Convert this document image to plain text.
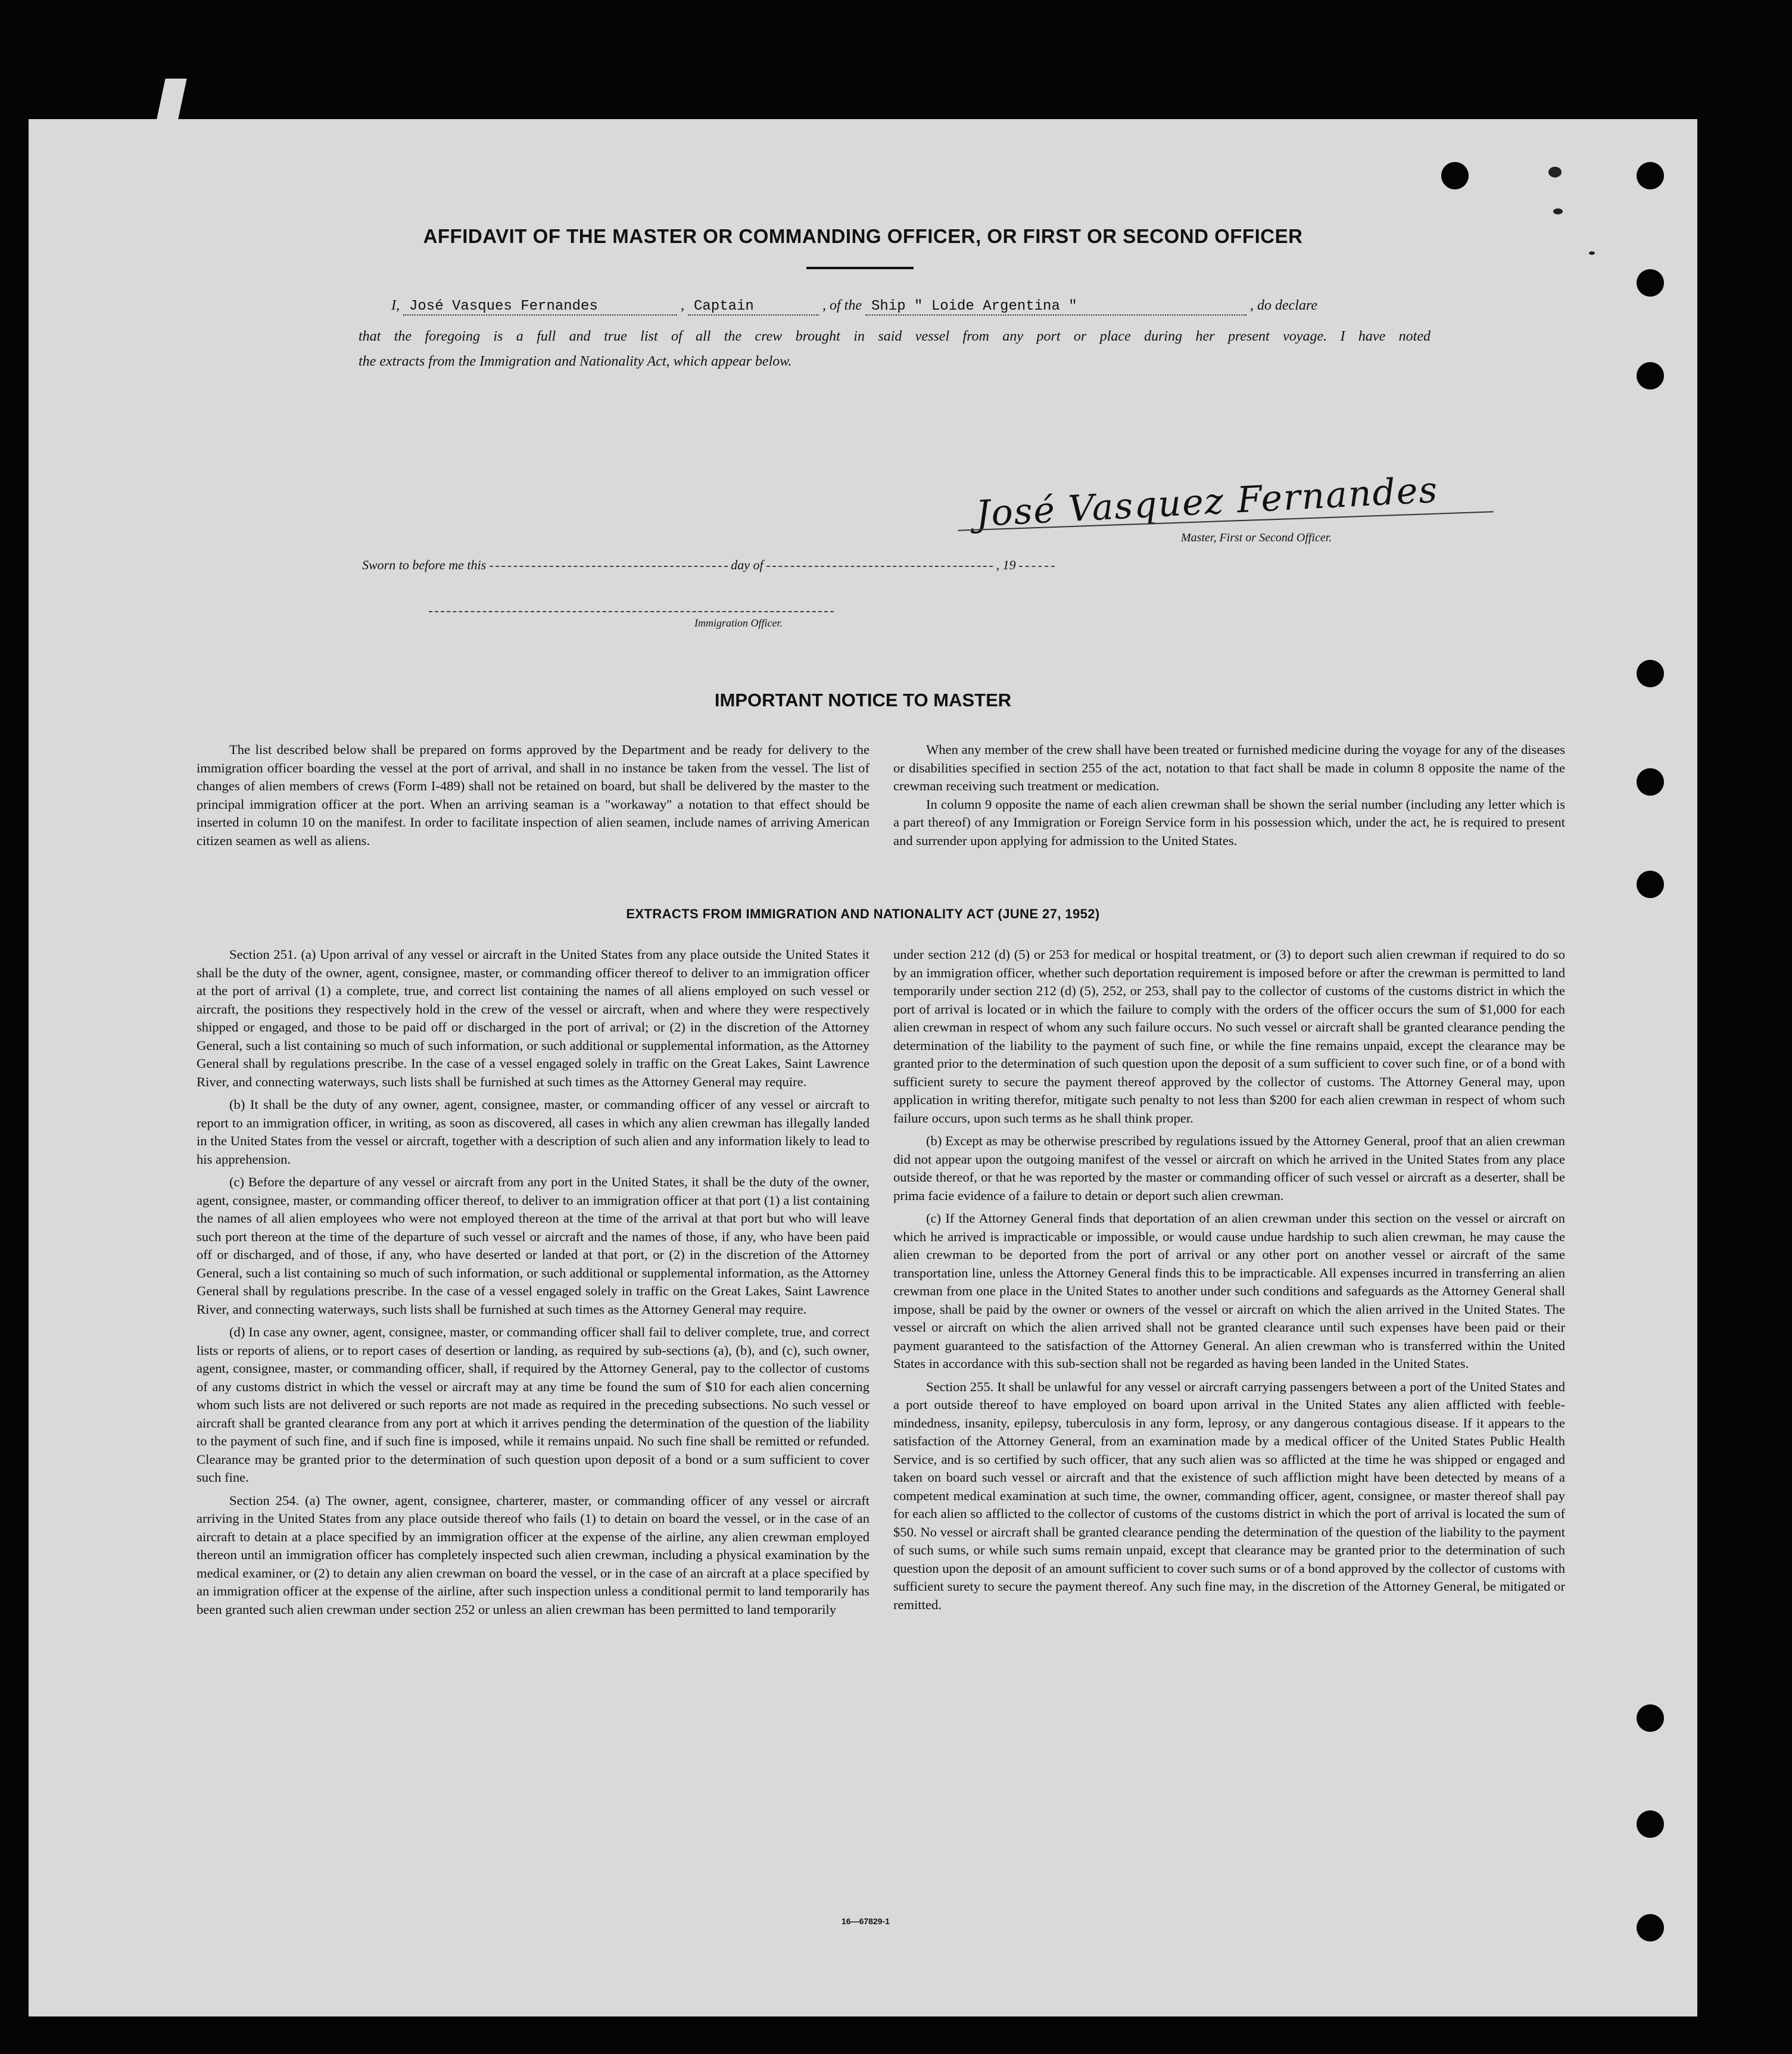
AFFIDAVIT OF THE MASTER OR COMMANDING OFFICER, OR FIRST OR SECOND OFFICER
I, José Vasques Fernandes	, Captain	, of the Ship " Loide Argentina "	, do declare
that the foregoing is a full and true list of all the crew brought in said vessel from any port or place during her present voyage. I have noted
the extracts from the Immigration and Nationality Act, which appear below.
José Vasquez Fernandes
Master, First or Second Officer.
Sworn to before me this	day of	, 19
Immigration Officer.
IMPORTANT NOTICE TO MASTER

The list described below shall be prepared on forms approved by the Department and be ready for delivery to the immigration officer boarding the vessel at the port of arrival, and shall in no instance be taken from the vessel. The list of changes of alien members of crews (Form I-489) shall not be retained on board, but shall be delivered by the master to the principal immigration officer at the port. When an arriving seaman is a "workaway" a notation to that effect should be inserted in column 10 on the manifest. In order to facilitate inspection of alien seamen, include names of arriving American citizen seamen as well as aliens.

When any member of the crew shall have been treated or furnished medicine during the voyage for any of the diseases or disabilities specified in section 255 of the act, notation to that fact shall be made in column 8 opposite the name of the crewman receiving such treatment or medication.

In column 9 opposite the name of each alien crewman shall be shown the serial number (including any letter which is a part thereof) of any Immigration or Foreign Service form in his possession which, under the act, he is required to present and surrender upon applying for admission to the United States.

EXTRACTS FROM IMMIGRATION AND NATIONALITY ACT (JUNE 27, 1952)

Section 251. (a) Upon arrival of any vessel or aircraft in the United States from any place outside the United States it shall be the duty of the owner, agent, consignee, master, or commanding officer thereof to deliver to an immigration officer at the port of arrival (1) a complete, true, and correct list containing the names of all aliens employed on such vessel or aircraft, the positions they respectively hold in the crew of the vessel or aircraft, when and where they were respectively shipped or engaged, and those to be paid off or discharged in the port of arrival; or (2) in the discretion of the Attorney General, such a list containing so much of such information, or such additional or supplemental information, as the Attorney General shall by regulations prescribe. In the case of a vessel engaged solely in traffic on the Great Lakes, Saint Lawrence River, and connecting waterways, such lists shall be furnished at such times as the Attorney General may require.

(b) It shall be the duty of any owner, agent, consignee, master, or commanding officer of any vessel or aircraft to report to an immigration officer, in writing, as soon as discovered, all cases in which any alien crewman has illegally landed in the United States from the vessel or aircraft, together with a description of such alien and any information likely to lead to his apprehension.

(c) Before the departure of any vessel or aircraft from any port in the United States, it shall be the duty of the owner, agent, consignee, master, or commanding officer thereof, to deliver to an immigration officer at that port (1) a list containing the names of all alien employees who were not employed thereon at the time of the arrival at that port but who will leave such port thereon at the time of the departure of such vessel or aircraft and the names of those, if any, who have been paid off or discharged, and of those, if any, who have deserted or landed at that port, or (2) in the discretion of the Attorney General, such a list containing so much of such information, or such additional or supplemental information, as the Attorney General shall by regulations prescribe. In the case of a vessel engaged solely in traffic on the Great Lakes, Saint Lawrence River, and connecting waterways, such lists shall be furnished at such times as the Attorney General may require.

(d) In case any owner, agent, consignee, master, or commanding officer shall fail to deliver complete, true, and correct lists or reports of aliens, or to report cases of desertion or landing, as required by sub-sections (a), (b), and (c), such owner, agent, consignee, master, or commanding officer, shall, if required by the Attorney General, pay to the collector of customs of any customs district in which the vessel or aircraft may at any time be found the sum of $10 for each alien concerning whom such lists are not delivered or such reports are not made as required in the preceding subsections. No such vessel or aircraft shall be granted clearance from any port at which it arrives pending the determination of the question of the liability to the payment of such fine, and if such fine is imposed, while it remains unpaid. No such fine shall be remitted or refunded. Clearance may be granted prior to the determination of such question upon deposit of a bond or a sum sufficient to cover such fine.

Section 254. (a) The owner, agent, consignee, charterer, master, or commanding officer of any vessel or aircraft arriving in the United States from any place outside thereof who fails (1) to detain on board the vessel, or in the case of an aircraft to detain at a place specified by an immigration officer at the expense of the airline, any alien crewman employed thereon until an immigration officer has completely inspected such alien crewman, including a physical examination by the medical examiner, or (2) to detain any alien crewman on board the vessel, or in the case of an aircraft at a place specified by an immigration officer at the expense of the airline, after such inspection unless a conditional permit to land temporarily has been granted such alien crewman under section 252 or unless an alien crewman has been permitted to land temporarily

under section 212 (d) (5) or 253 for medical or hospital treatment, or (3) to deport such alien crewman if required to do so by an immigration officer, whether such deportation requirement is imposed before or after the crewman is permitted to land temporarily under section 212 (d) (5), 252, or 253, shall pay to the collector of customs of the customs district in which the port of arrival is located or in which the failure to comply with the orders of the officer occurs the sum of $1,000 for each alien crewman in respect of whom any such failure occurs. No such vessel or aircraft shall be granted clearance pending the determination of the liability to the payment of such fine, or while the fine remains unpaid, except the clearance may be granted prior to the determination of such question upon the deposit of a sum sufficient to cover such fine, or of a bond with sufficient surety to secure the payment thereof approved by the collector of customs. The Attorney General may, upon application in writing therefor, mitigate such penalty to not less than $200 for each alien crewman in respect of whom such failure occurs, upon such terms as he shall think proper.

(b) Except as may be otherwise prescribed by regulations issued by the Attorney General, proof that an alien crewman did not appear upon the outgoing manifest of the vessel or aircraft on which he arrived in the United States from any place outside thereof, or that he was reported by the master or commanding officer of such vessel or aircraft as a deserter, shall be prima facie evidence of a failure to detain or deport such alien crewman.

(c) If the Attorney General finds that deportation of an alien crewman under this section on the vessel or aircraft on which he arrived is impracticable or impossible, or would cause undue hardship to such alien crewman, he may cause the alien crewman to be deported from the port of arrival or any other port on another vessel or aircraft of the same transportation line, unless the Attorney General finds this to be impracticable. All expenses incurred in transferring an alien crewman from one place in the United States to another under such conditions and safeguards as the Attorney General shall impose, shall be paid by the owner or owners of the vessel or aircraft on which the alien arrived in the United States. The vessel or aircraft on which the alien arrived shall not be granted clearance until such expenses have been paid or their payment guaranteed to the satisfaction of the Attorney General. An alien crewman who is transferred within the United States in accordance with this sub-section shall not be regarded as having been landed in the United States.

Section 255. It shall be unlawful for any vessel or aircraft carrying passengers between a port of the United States and a port outside thereof to have employed on board upon arrival in the United States any alien afflicted with feeble-mindedness, insanity, epilepsy, tuberculosis in any form, leprosy, or any dangerous contagious disease. If it appears to the satisfaction of the Attorney General, from an examination made by a medical officer of the United States Public Health Service, and is so certified by such officer, that any such alien was so afflicted at the time he was shipped or engaged and taken on board such vessel or aircraft and that the existence of such affliction might have been detected by means of a competent medical examination at such time, the owner, commanding officer, agent, consignee, or master thereof shall pay for each alien so afflicted to the collector of customs of the customs district in which the port of arrival is located the sum of $50. No vessel or aircraft shall be granted clearance pending the determination of the question of the liability to the payment of such sums, or while such sums remain unpaid, except that clearance may be granted prior to the determination of such question upon the deposit of an amount sufficient to cover such sums or of a bond approved by the collector of customs with sufficient surety to secure the payment thereof. Any such fine may, in the discretion of the Attorney General, be mitigated or remitted.

16—67829-1
